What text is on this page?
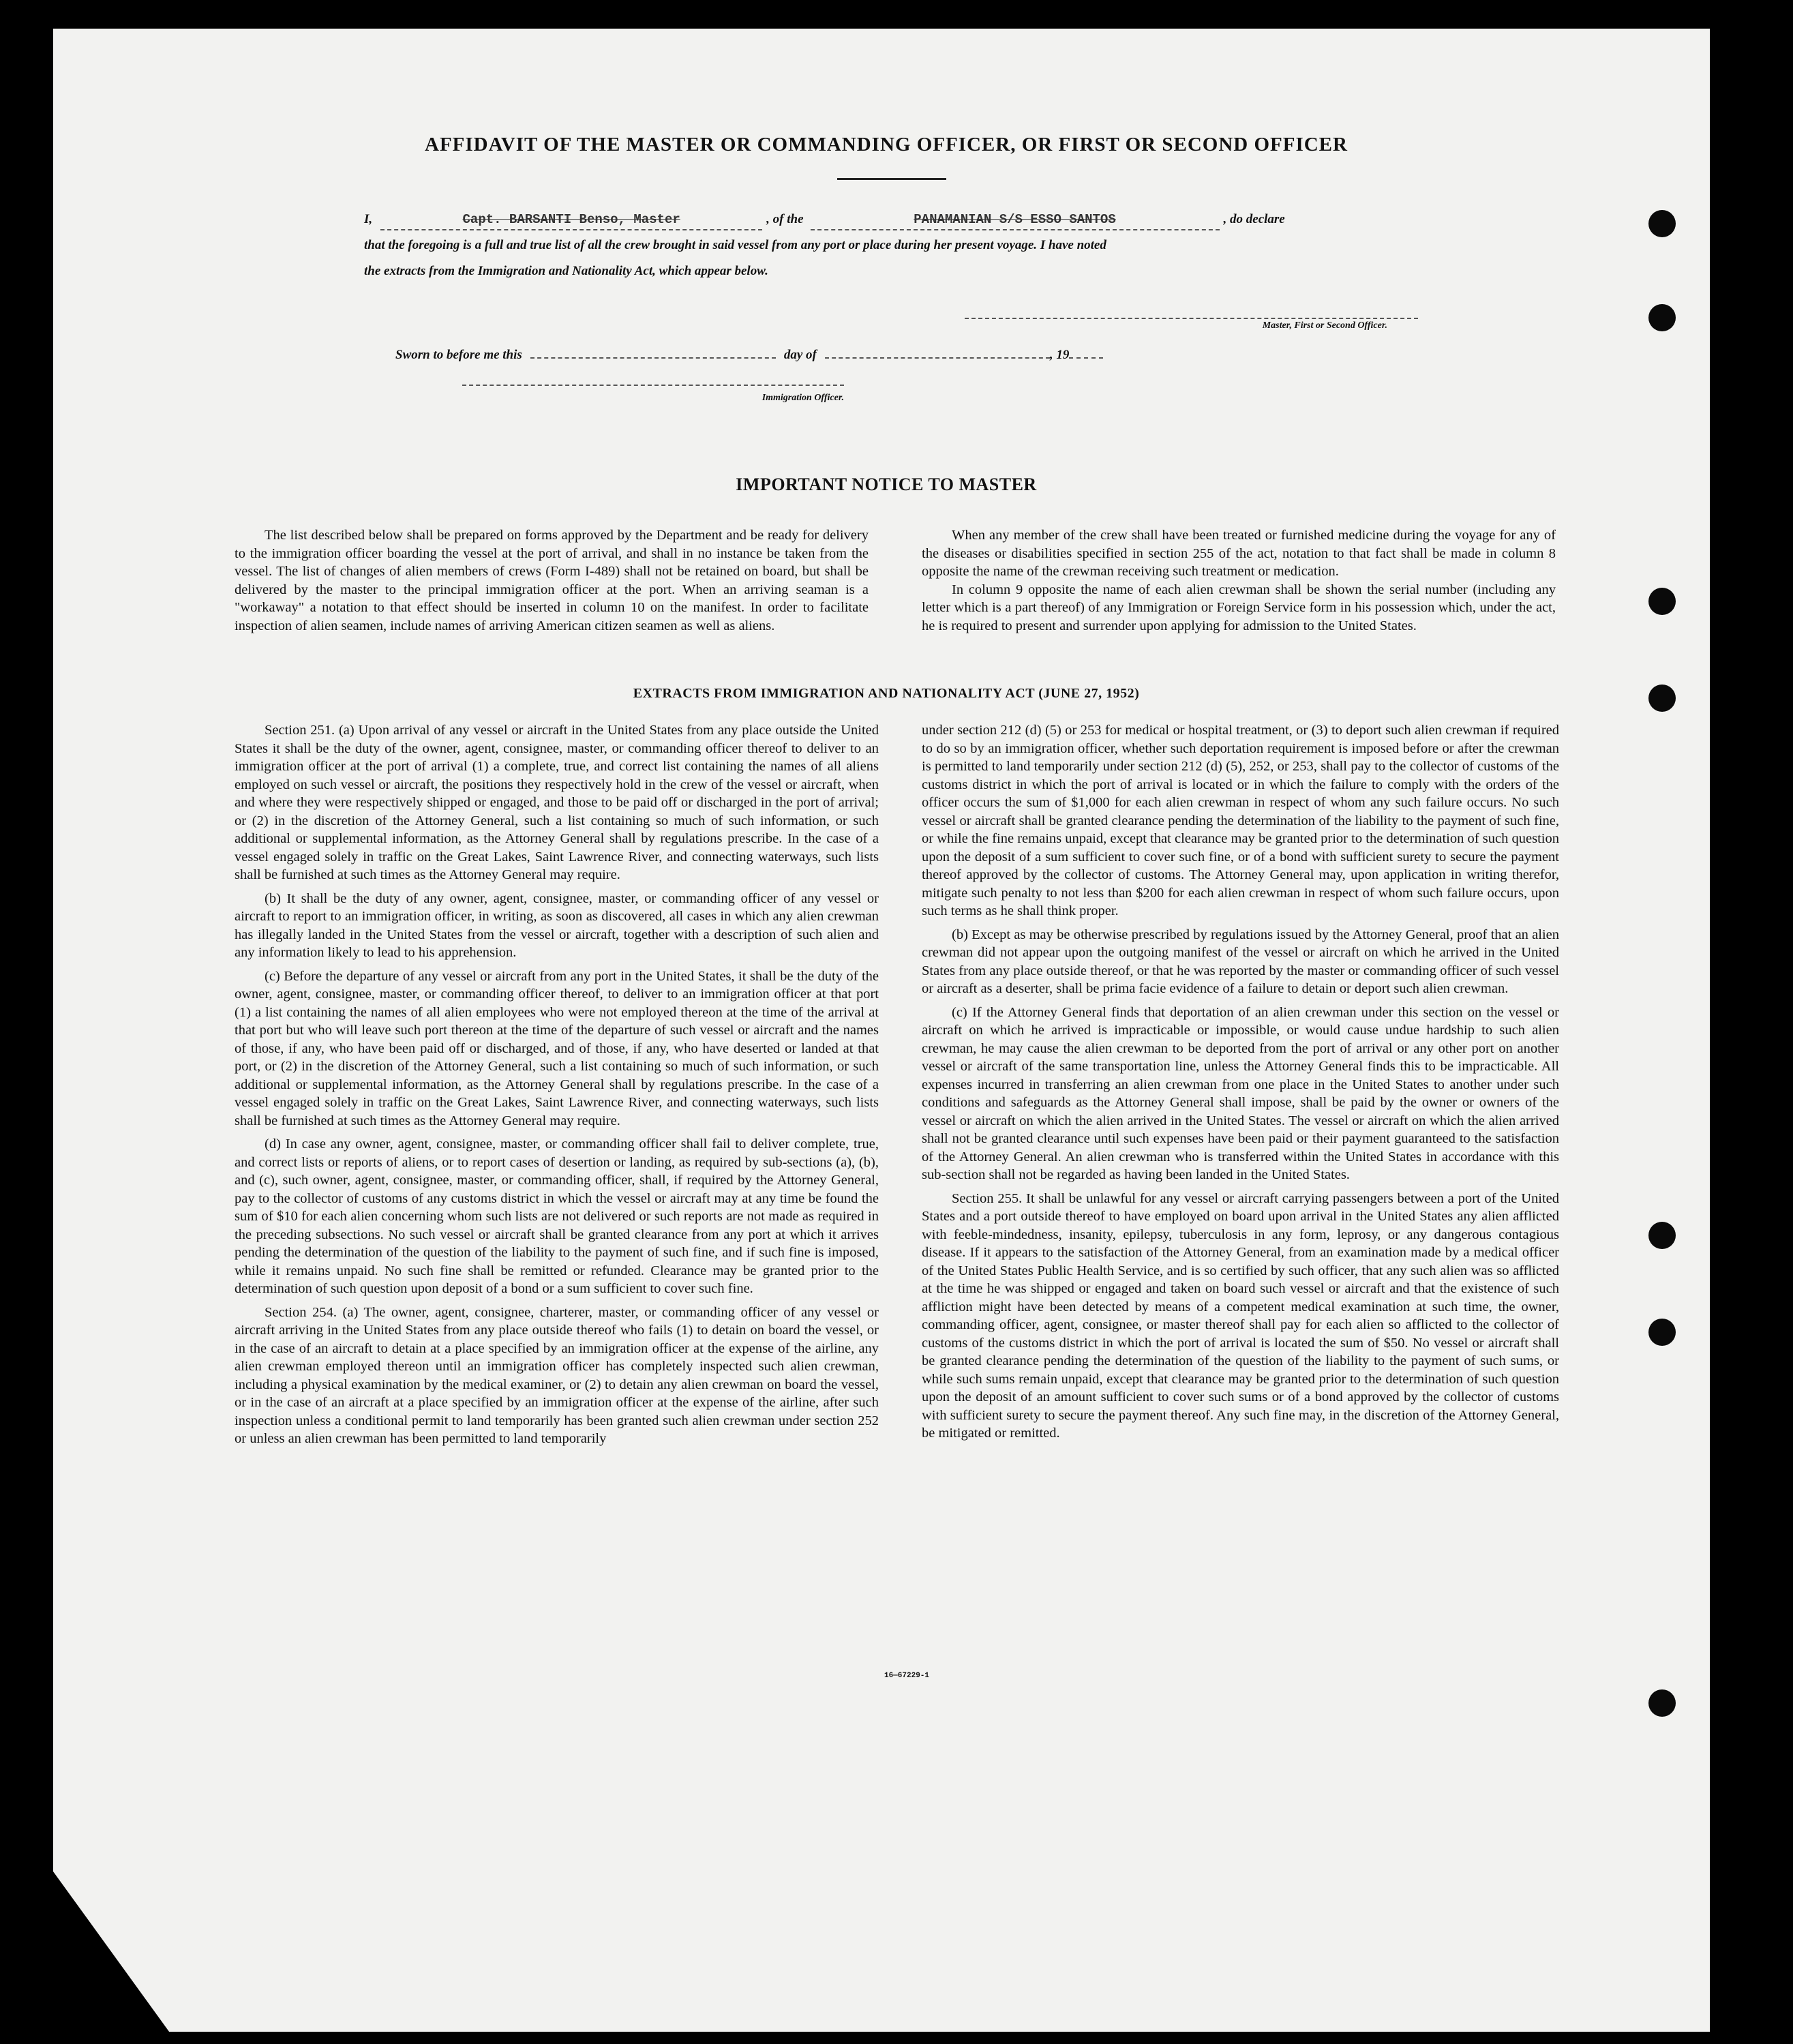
AFFIDAVIT OF THE MASTER OR COMMANDING OFFICER, OR FIRST OR SECOND OFFICER
I,	Capt. BARSANTI Benso, Master	, of the	PANAMANIAN S/S ESSO SANTOS	, do declare
that the foregoing is a full and true list of all the crew brought in said vessel from any port or place during her present voyage. I have noted
the extracts from the Immigration and Nationality Act, which appear below.
Master, First or Second Officer.
Sworn to before me this	day of	, 19
Immigration Officer.
IMPORTANT NOTICE TO MASTER

The list described below shall be prepared on forms approved by the Department and be ready for delivery to the immigration officer boarding the vessel at the port of arrival, and shall in no instance be taken from the vessel. The list of changes of alien members of crews (Form I-489) shall not be retained on board, but shall be delivered by the master to the principal immigration officer at the port. When an arriving seaman is a "workaway" a notation to that effect should be inserted in column 10 on the manifest. In order to facilitate inspection of alien seamen, include names of arriving American citizen seamen as well as aliens.

When any member of the crew shall have been treated or furnished medicine during the voyage for any of the diseases or disabilities specified in section 255 of the act, notation to that fact shall be made in column 8 opposite the name of the crewman receiving such treatment or medication.

In column 9 opposite the name of each alien crewman shall be shown the serial number (including any letter which is a part thereof) of any Immigration or Foreign Service form in his possession which, under the act, he is required to present and surrender upon applying for admission to the United States.

EXTRACTS FROM IMMIGRATION AND NATIONALITY ACT (JUNE 27, 1952)

Section 251. (a) Upon arrival of any vessel or aircraft in the United States from any place outside the United States it shall be the duty of the owner, agent, consignee, master, or commanding officer thereof to deliver to an immigration officer at the port of arrival (1) a complete, true, and correct list containing the names of all aliens employed on such vessel or aircraft, the positions they respectively hold in the crew of the vessel or aircraft, when and where they were respectively shipped or engaged, and those to be paid off or discharged in the port of arrival; or (2) in the discretion of the Attorney General, such a list containing so much of such information, or such additional or supplemental information, as the Attorney General shall by regulations prescribe. In the case of a vessel engaged solely in traffic on the Great Lakes, Saint Lawrence River, and connecting waterways, such lists shall be furnished at such times as the Attorney General may require.

(b) It shall be the duty of any owner, agent, consignee, master, or commanding officer of any vessel or aircraft to report to an immigration officer, in writing, as soon as discovered, all cases in which any alien crewman has illegally landed in the United States from the vessel or aircraft, together with a description of such alien and any information likely to lead to his apprehension.

(c) Before the departure of any vessel or aircraft from any port in the United States, it shall be the duty of the owner, agent, consignee, master, or commanding officer thereof, to deliver to an immigration officer at that port (1) a list containing the names of all alien employees who were not employed thereon at the time of the arrival at that port but who will leave such port thereon at the time of the departure of such vessel or aircraft and the names of those, if any, who have been paid off or discharged, and of those, if any, who have deserted or landed at that port, or (2) in the discretion of the Attorney General, such a list containing so much of such information, or such additional or supplemental information, as the Attorney General shall by regulations prescribe. In the case of a vessel engaged solely in traffic on the Great Lakes, Saint Lawrence River, and connecting waterways, such lists shall be furnished at such times as the Attorney General may require.

(d) In case any owner, agent, consignee, master, or commanding officer shall fail to deliver complete, true, and correct lists or reports of aliens, or to report cases of desertion or landing, as required by sub-sections (a), (b), and (c), such owner, agent, consignee, master, or commanding officer, shall, if required by the Attorney General, pay to the collector of customs of any customs district in which the vessel or aircraft may at any time be found the sum of $10 for each alien concerning whom such lists are not delivered or such reports are not made as required in the preceding subsections. No such vessel or aircraft shall be granted clearance from any port at which it arrives pending the determination of the question of the liability to the payment of such fine, and if such fine is imposed, while it remains unpaid. No such fine shall be remitted or refunded. Clearance may be granted prior to the determination of such question upon deposit of a bond or a sum sufficient to cover such fine.

Section 254. (a) The owner, agent, consignee, charterer, master, or commanding officer of any vessel or aircraft arriving in the United States from any place outside thereof who fails (1) to detain on board the vessel, or in the case of an aircraft to detain at a place specified by an immigration officer at the expense of the airline, any alien crewman employed thereon until an immigration officer has completely inspected such alien crewman, including a physical examination by the medical examiner, or (2) to detain any alien crewman on board the vessel, or in the case of an aircraft at a place specified by an immigration officer at the expense of the airline, after such inspection unless a conditional permit to land temporarily has been granted such alien crewman under section 252 or unless an alien crewman has been permitted to land temporarily

under section 212 (d) (5) or 253 for medical or hospital treatment, or (3) to deport such alien crewman if required to do so by an immigration officer, whether such deportation requirement is imposed before or after the crewman is permitted to land temporarily under section 212 (d) (5), 252, or 253, shall pay to the collector of customs of the customs district in which the port of arrival is located or in which the failure to comply with the orders of the officer occurs the sum of $1,000 for each alien crewman in respect of whom any such failure occurs. No such vessel or aircraft shall be granted clearance pending the determination of the liability to the payment of such fine, or while the fine remains unpaid, except that clearance may be granted prior to the determination of such question upon the deposit of a sum sufficient to cover such fine, or of a bond with sufficient surety to secure the payment thereof approved by the collector of customs. The Attorney General may, upon application in writing therefor, mitigate such penalty to not less than $200 for each alien crewman in respect of whom such failure occurs, upon such terms as he shall think proper.

(b) Except as may be otherwise prescribed by regulations issued by the Attorney General, proof that an alien crewman did not appear upon the outgoing manifest of the vessel or aircraft on which he arrived in the United States from any place outside thereof, or that he was reported by the master or commanding officer of such vessel or aircraft as a deserter, shall be prima facie evidence of a failure to detain or deport such alien crewman.

(c) If the Attorney General finds that deportation of an alien crewman under this section on the vessel or aircraft on which he arrived is impracticable or impossible, or would cause undue hardship to such alien crewman, he may cause the alien crewman to be deported from the port of arrival or any other port on another vessel or aircraft of the same transportation line, unless the Attorney General finds this to be impracticable. All expenses incurred in transferring an alien crewman from one place in the United States to another under such conditions and safeguards as the Attorney General shall impose, shall be paid by the owner or owners of the vessel or aircraft on which the alien arrived in the United States. The vessel or aircraft on which the alien arrived shall not be granted clearance until such expenses have been paid or their payment guaranteed to the satisfaction of the Attorney General. An alien crewman who is transferred within the United States in accordance with this sub-section shall not be regarded as having been landed in the United States.

Section 255. It shall be unlawful for any vessel or aircraft carrying passengers between a port of the United States and a port outside thereof to have employed on board upon arrival in the United States any alien afflicted with feeble-mindedness, insanity, epilepsy, tuberculosis in any form, leprosy, or any dangerous contagious disease. If it appears to the satisfaction of the Attorney General, from an examination made by a medical officer of the United States Public Health Service, and is so certified by such officer, that any such alien was so afflicted at the time he was shipped or engaged and taken on board such vessel or aircraft and that the existence of such affliction might have been detected by means of a competent medical examination at such time, the owner, commanding officer, agent, consignee, or master thereof shall pay for each alien so afflicted to the collector of customs of the customs district in which the port of arrival is located the sum of $50. No vessel or aircraft shall be granted clearance pending the determination of the question of the liability to the payment of such sums, or while such sums remain unpaid, except that clearance may be granted prior to the determination of such question upon the deposit of an amount sufficient to cover such sums or of a bond approved by the collector of customs with sufficient surety to secure the payment thereof. Any such fine may, in the discretion of the Attorney General, be mitigated or remitted.

16—67229-1
